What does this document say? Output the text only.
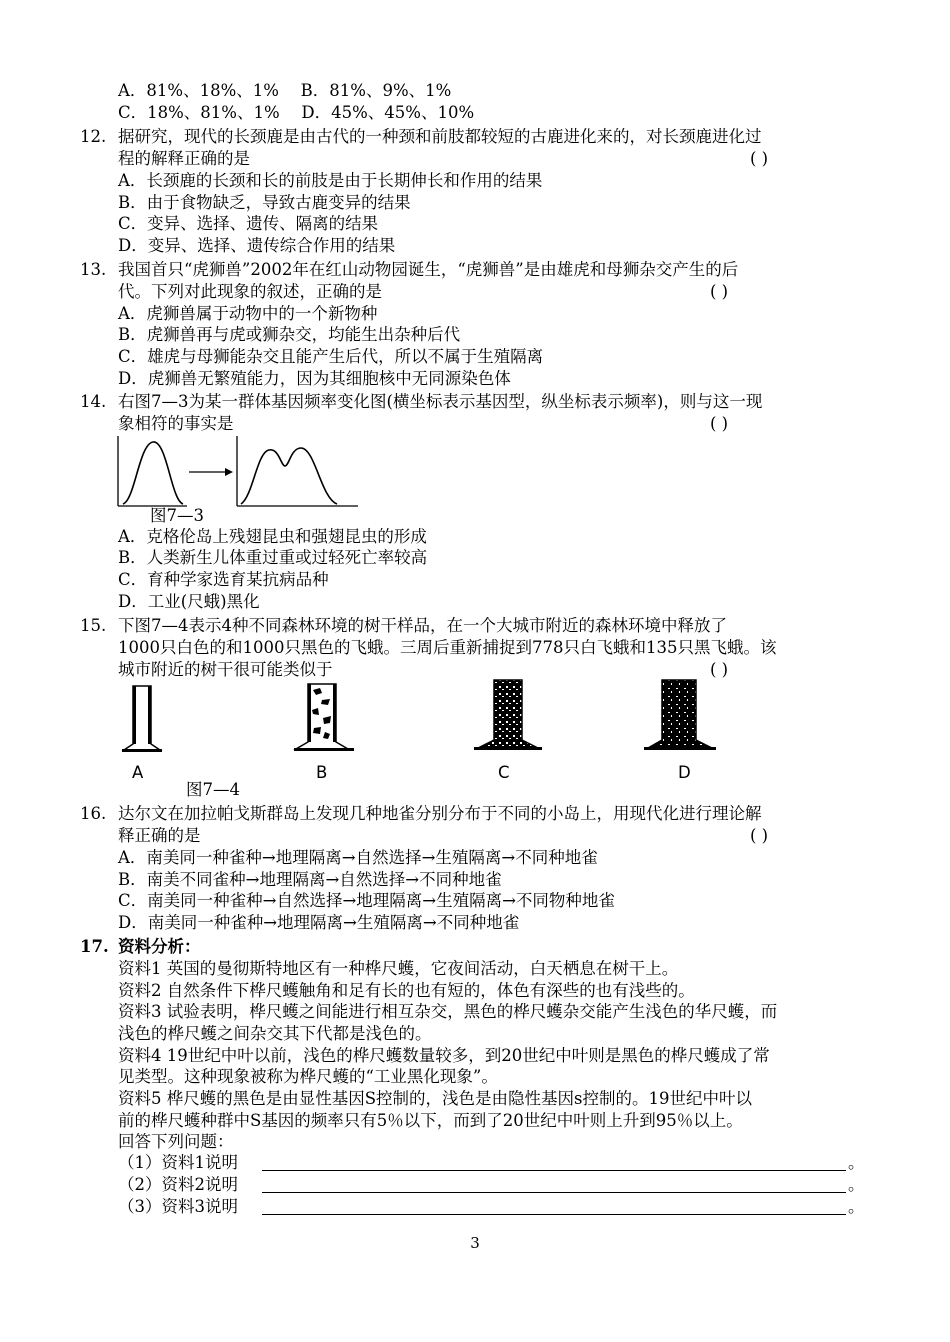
A．81%、18%、1%　 B．81%、9%、1%
C．18%、81%、1%　 D．45%、45%、10%
12. 据研究，现代的长颈鹿是由古代的一种颈和前肢都较短的古鹿进化来的，对长颈鹿进化过
程的解释正确的是	( )
A．长颈鹿的长颈和长的前肢是由于长期伸长和作用的结果
B．由于食物缺乏，导致古鹿变异的结果
C．变异、选择、遗传、隔离的结果
D．变异、选择、遗传综合作用的结果
13. 我国首只“虎狮兽”2002年在红山动物园诞生，“虎狮兽”是由雄虎和母狮杂交产生的后
代。下列对此现象的叙述，正确的是	( )
A．虎狮兽属于动物中的一个新物种
B．虎狮兽再与虎或狮杂交，均能生出杂种后代
C．雄虎与母狮能杂交且能产生后代，所以不属于生殖隔离
D．虎狮兽无繁殖能力，因为其细胞核中无同源染色体
14. 右图7—3为某一群体基因频率变化图(横坐标表示基因型，纵坐标表示频率)，则与这一现
象相符的事实是	( )
图7—3
A．克格伦岛上残翅昆虫和强翅昆虫的形成
B．人类新生儿体重过重或过轻死亡率较高
C．育种学家选育某抗病品种
D．工业(尺蛾)黑化
15. 下图7—4表示4种不同森林环境的树干样品，在一个大城市附近的森林环境中释放了
1000只白色的和1000只黑色的飞蛾。三周后重新捕捉到778只白飞蛾和135只黑飞蛾。该
城市附近的树干很可能类似于	( )
A	B	C	D
图7—4
16. 达尔文在加拉帕戈斯群岛上发现几种地雀分别分布于不同的小岛上，用现代化进行理论解
释正确的是	( )
A．南美同一种雀种→地理隔离→自然选择→生殖隔离→不同种地雀
B．南美不同雀种→地理隔离→自然选择→不同种地雀
C．南美同一种雀种→自然选择→地理隔离→生殖隔离→不同物种地雀
D．南美同一种雀种→地理隔离→生殖隔离→不同种地雀
17. 资料分析：
资料1 英国的曼彻斯特地区有一种桦尺蠖，它夜间活动，白天栖息在树干上。
资料2 自然条件下桦尺蠖触角和足有长的也有短的，体色有深些的也有浅些的。
资料3 试验表明，桦尺蠖之间能进行相互杂交，黑色的桦尺蠖杂交能产生浅色的华尺蠖，而
浅色的桦尺蠖之间杂交其下代都是浅色的。
资料4 19世纪中叶以前，浅色的桦尺蠖数量较多，到20世纪中叶则是黑色的桦尺蠖成了常
见类型。这种现象被称为桦尺蠖的“工业黑化现象”。
资料5 桦尺蠖的黑色是由显性基因S控制的，浅色是由隐性基因s控制的。19世纪中叶以
前的桦尺蠖种群中S基因的频率只有5％以下，而到了20世纪中叶则上升到95％以上。
回答下列问题：
（1）资料1说明	。
（2）资料2说明	。
（3）资料3说明	。
3
